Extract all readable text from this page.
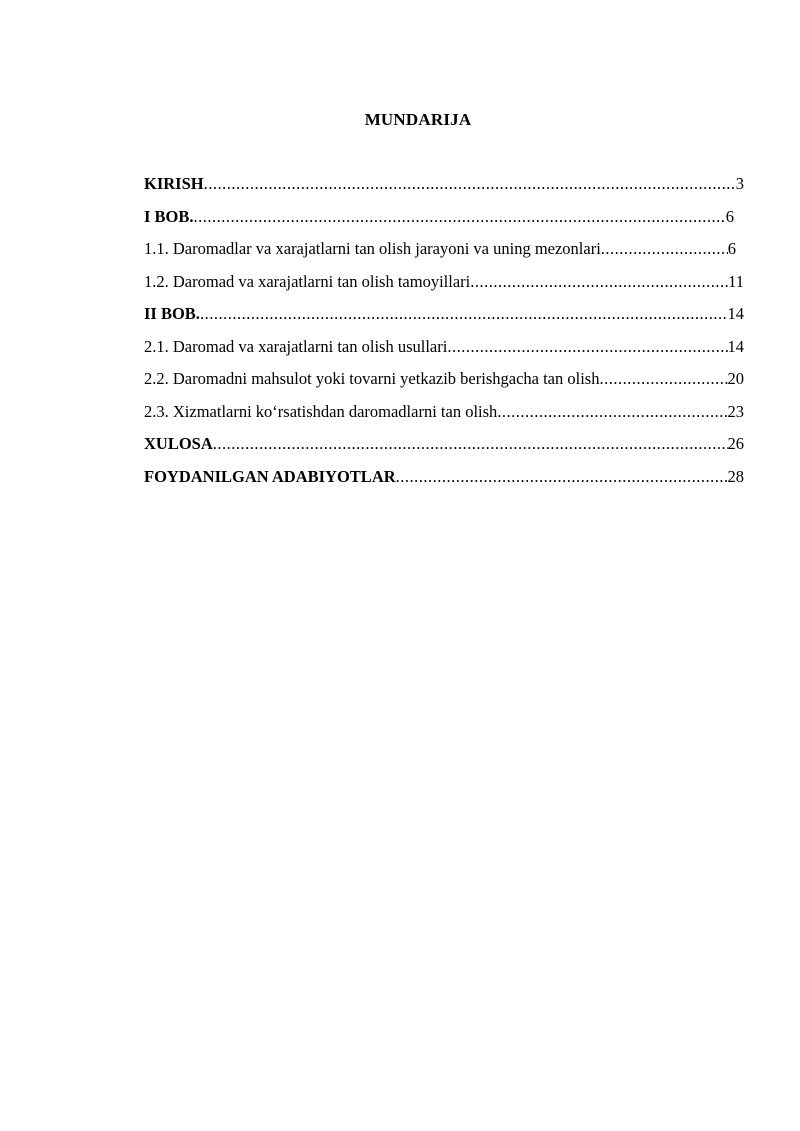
MUNDARIJA
KIRISH .....	3
I BOB. .....	6
1.1. Daromadlar va xarajatlarni tan olish jarayoni va uning mezonlari .....	6
1.2. Daromad va xarajatlarni tan olish tamoyillari .....	11
II BOB. .....	14
2.1. Daromad va xarajatlarni tan olish usullari .....	14
2.2. Daromadni mahsulot yoki tovarni yetkazib berishgacha tan olish .....	20
2.3. Xizmatlarni ko‘rsatishdan daromadlarni tan olish .....	23
XULOSA .....	26
FOYDANILGAN ADABIYOTLAR .....	28
